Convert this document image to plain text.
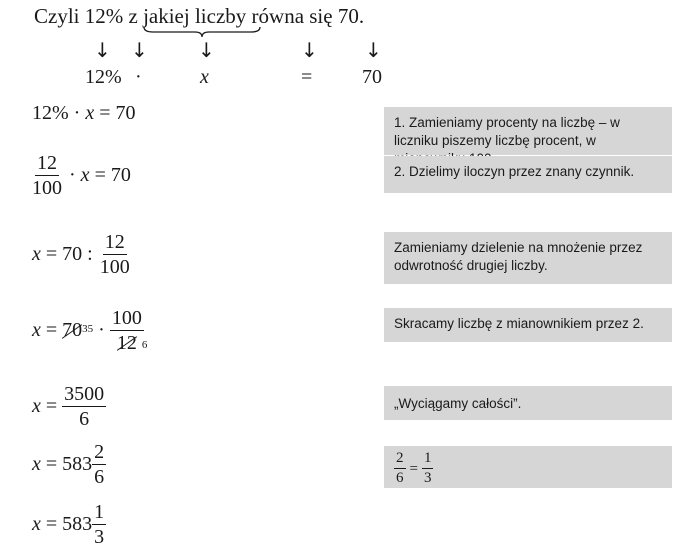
Czyli 12% z jakiej liczby równa się 70.
↓ ↓	↓	↓ ↓
12% ·	x	= 70
12% · x = 70
$\frac{12}{100} \cdot x = 70$
x = 70 : $\frac{12}{100}$
$x = 70^{35} \cdot \frac{100}{12}$
$_6$
$x = \frac{3500}{6}$
$x = 583 \frac{2}{6}$
$x = 583 \frac{1}{3}$
1. Zamieniamy procenty na liczbę – w liczniku piszemy liczbę procent, w
2. Dzielimy iloczyn przez znany czynnik.
Zamieniamy dzielenie na mnożenie przez odwrotność drugiej liczby.
Skracamy liczbę z mianownikiem przez 2.
„Wyciągamy całości”.
$\frac{2}{6} = \frac{1}{3}$
